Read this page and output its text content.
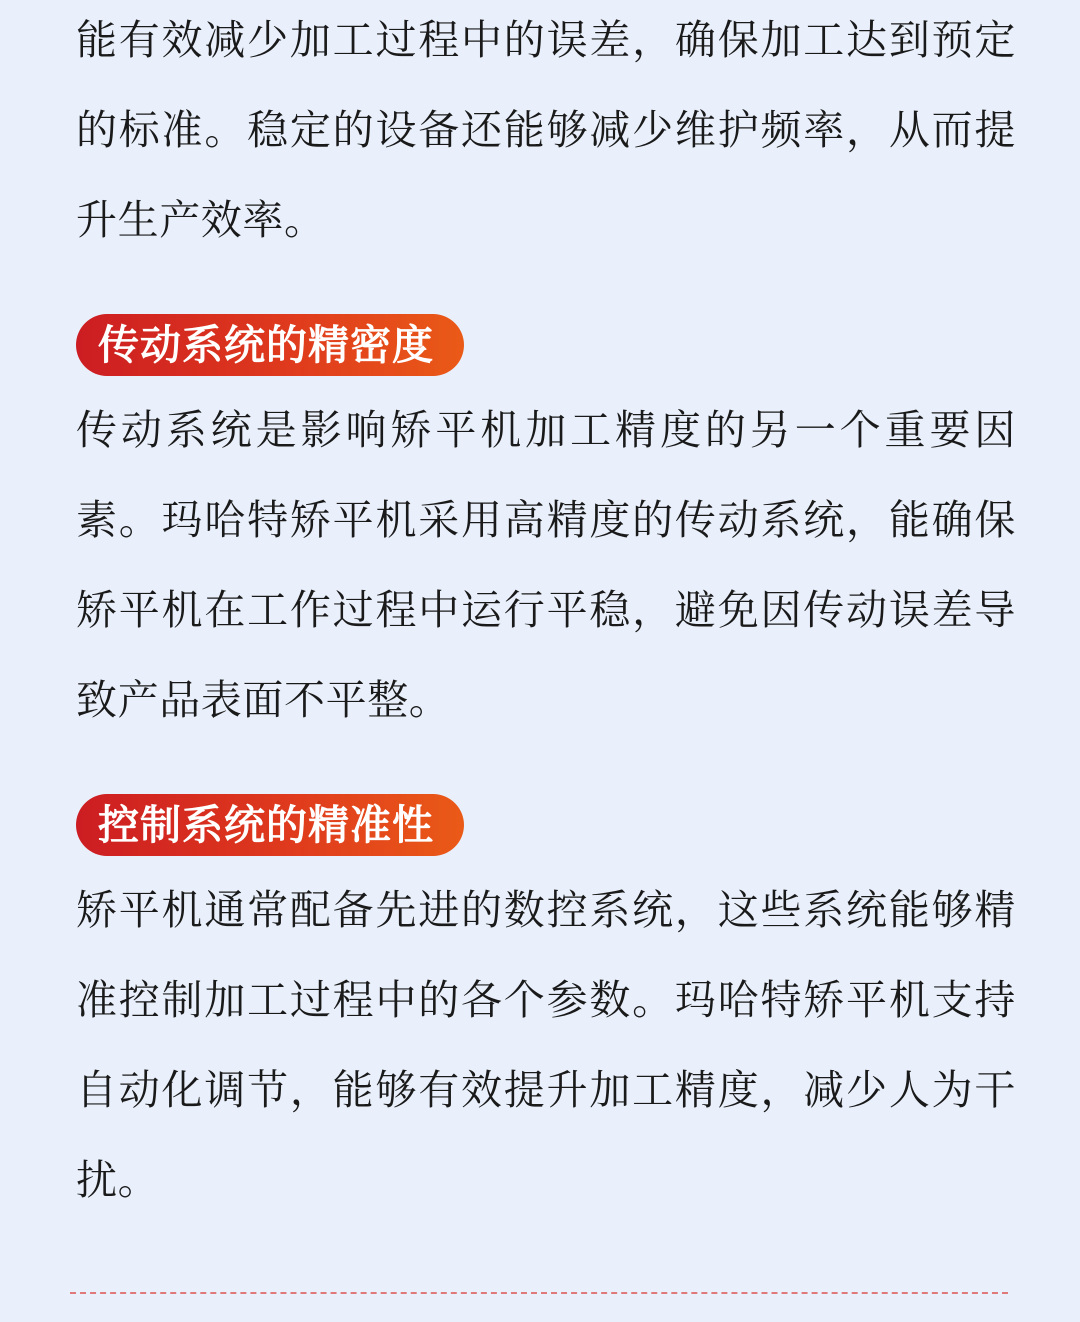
能有效减少加工过程中的误差，确保加工达到预定的标准。稳定的设备还能够减少维护频率，从而提升生产效率。

传动系统的精密度

传动系统是影响矫平机加工精度的另一个重要因素。玛哈特矫平机采用高精度的传动系统，能确保矫平机在工作过程中运行平稳，避免因传动误差导致产品表面不平整。

控制系统的精准性

矫平机通常配备先进的数控系统，这些系统能够精准控制加工过程中的各个参数。玛哈特矫平机支持自动化调节，能够有效提升加工精度，减少人为干扰。
